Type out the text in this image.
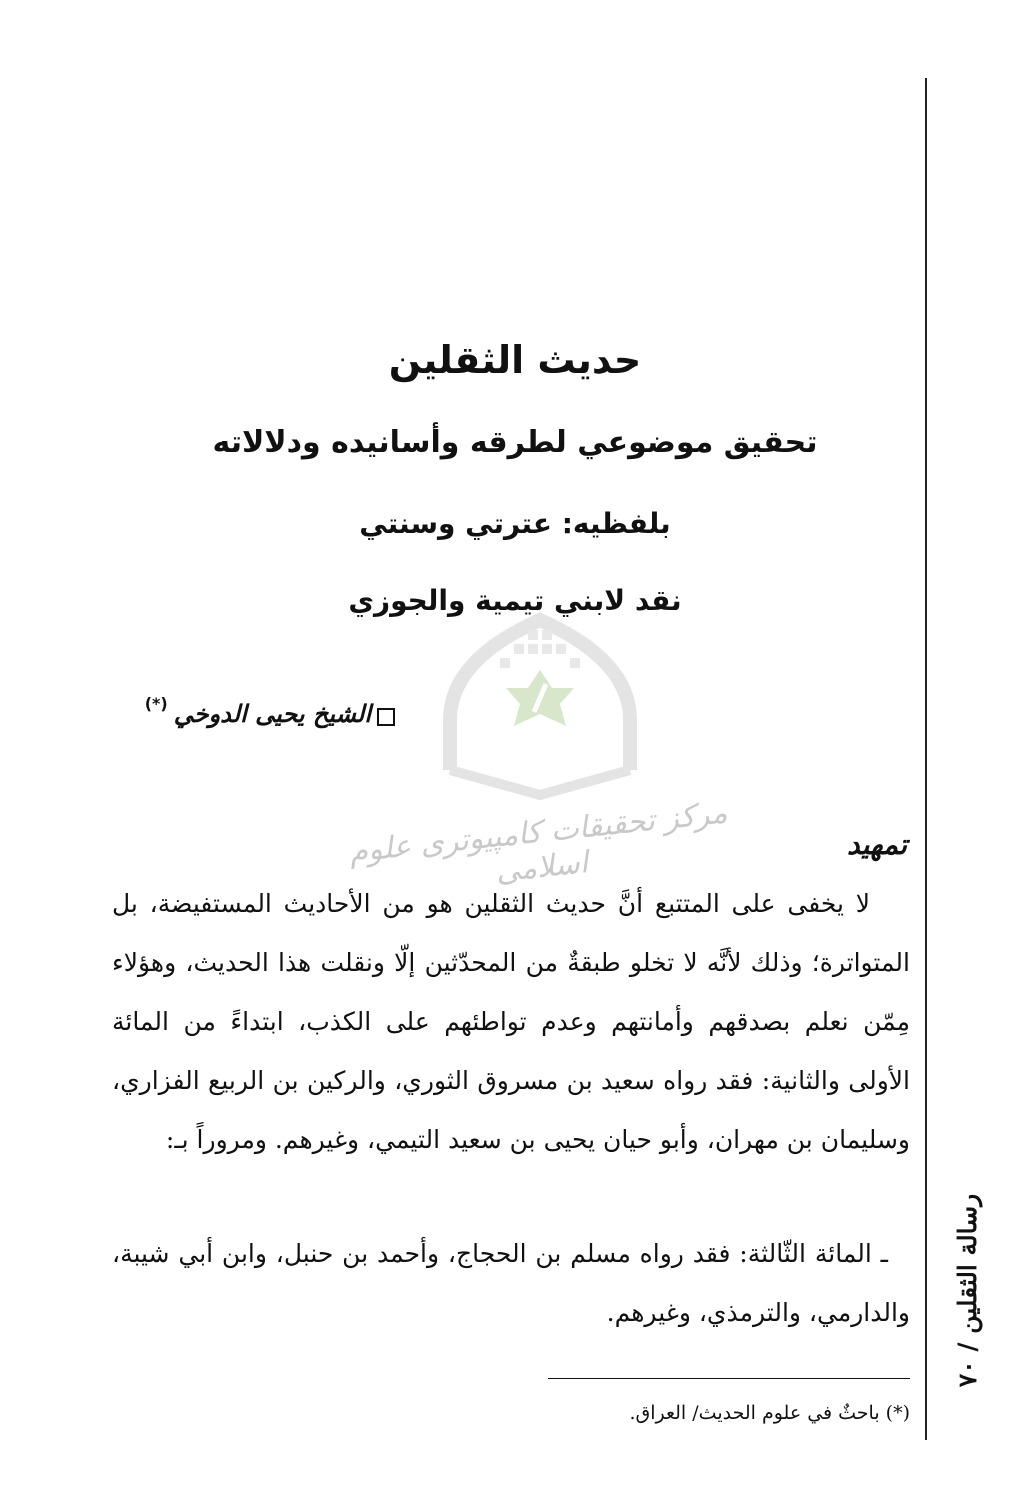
رسالة الثقلين / ٧٠
حديث الثقلين
تحقيق موضوعي لطرقه وأسانيده ودلالاته
بلفظيه: عترتي وسنتي
نقد لابني تيمية والجوزي
مرکز تحقیقات کامپیوتری علوم اسلامی
الشيخ يحيى الدوخي
(*)
تمهيد

لا يخفى على المتتبع أنَّ حديث الثقلين هو من الأحاديث المستفيضة، بل المتواترة؛ وذلك لأنَّه لا تخلو طبقةٌ من المحدّثين إلّا ونقلت هذا الحديث، وهؤلاء مِمّن نعلم بصدقهم وأمانتهم وعدم تواطئهم على الكذب، ابتداءً من المائة الأولى والثانية: فقد رواه سعيد بن مسروق الثوري، والركين بن الربيع الفزاري، وسليمان بن مهران، وأبو حيان يحيى بن سعيد التيمي، وغيرهم. ومروراً بـ:

ـ المائة الثّالثة: فقد رواه مسلم بن الحجاج، وأحمد بن حنبل، وابن أبي شيبة، والدارمي، والترمذي، وغيرهم.

(*) باحثٌ في علوم الحديث/ العراق.
